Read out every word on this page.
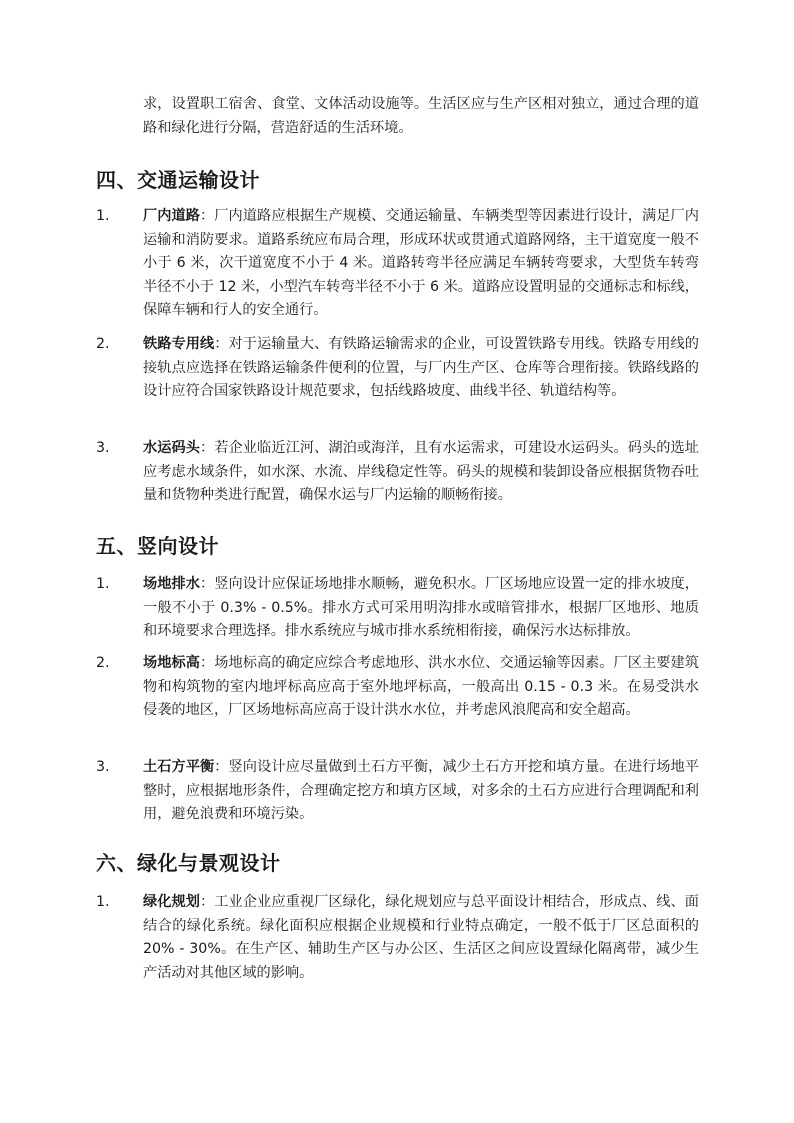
求，设置职工宿舍、食堂、文体活动设施等。生活区应与生产区相对独立，通过合理的道路和绿化进行分隔，营造舒适的生活环境。

四、交通运输设计
1. 厂内道路：厂内道路应根据生产规模、交通运输量、车辆类型等因素进行设计，满足厂内运输和消防要求。道路系统应布局合理，形成环状或贯通式道路网络，主干道宽度一般不小于 6 米，次干道宽度不小于 4 米。道路转弯半径应满足车辆转弯要求，大型货车转弯半径不小于 12 米，小型汽车转弯半径不小于 6 米。道路应设置明显的交通标志和标线，保障车辆和行人的安全通行。

2. 铁路专用线：对于运输量大、有铁路运输需求的企业，可设置铁路专用线。铁路专用线的接轨点应选择在铁路运输条件便利的位置，与厂内生产区、仓库等合理衔接。铁路线路的设计应符合国家铁路设计规范要求，包括线路坡度、曲线半径、轨道结构等。

3. 水运码头：若企业临近江河、湖泊或海洋，且有水运需求，可建设水运码头。码头的选址应考虑水域条件，如水深、水流、岸线稳定性等。码头的规模和装卸设备应根据货物吞吐量和货物种类进行配置，确保水运与厂内运输的顺畅衔接。

五、竖向设计
1. 场地排水：竖向设计应保证场地排水顺畅，避免积水。厂区场地应设置一定的排水坡度，一般不小于 0.3% - 0.5%。排水方式可采用明沟排水或暗管排水，根据厂区地形、地质和环境要求合理选择。排水系统应与城市排水系统相衔接，确保污水达标排放。

2. 场地标高：场地标高的确定应综合考虑地形、洪水水位、交通运输等因素。厂区主要建筑物和构筑物的室内地坪标高应高于室外地坪标高，一般高出 0.15 - 0.3 米。在易受洪水侵袭的地区，厂区场地标高应高于设计洪水水位，并考虑风浪爬高和安全超高。

3. 土石方平衡：竖向设计应尽量做到土石方平衡，减少土石方开挖和填方量。在进行场地平整时，应根据地形条件，合理确定挖方和填方区域，对多余的土石方应进行合理调配和利用，避免浪费和环境污染。

六、绿化与景观设计
1. 绿化规划：工业企业应重视厂区绿化，绿化规划应与总平面设计相结合，形成点、线、面结合的绿化系统。绿化面积应根据企业规模和行业特点确定，一般不低于厂区总面积的 20% - 30%。在生产区、辅助生产区与办公区、生活区之间应设置绿化隔离带，减少生产活动对其他区域的影响。
